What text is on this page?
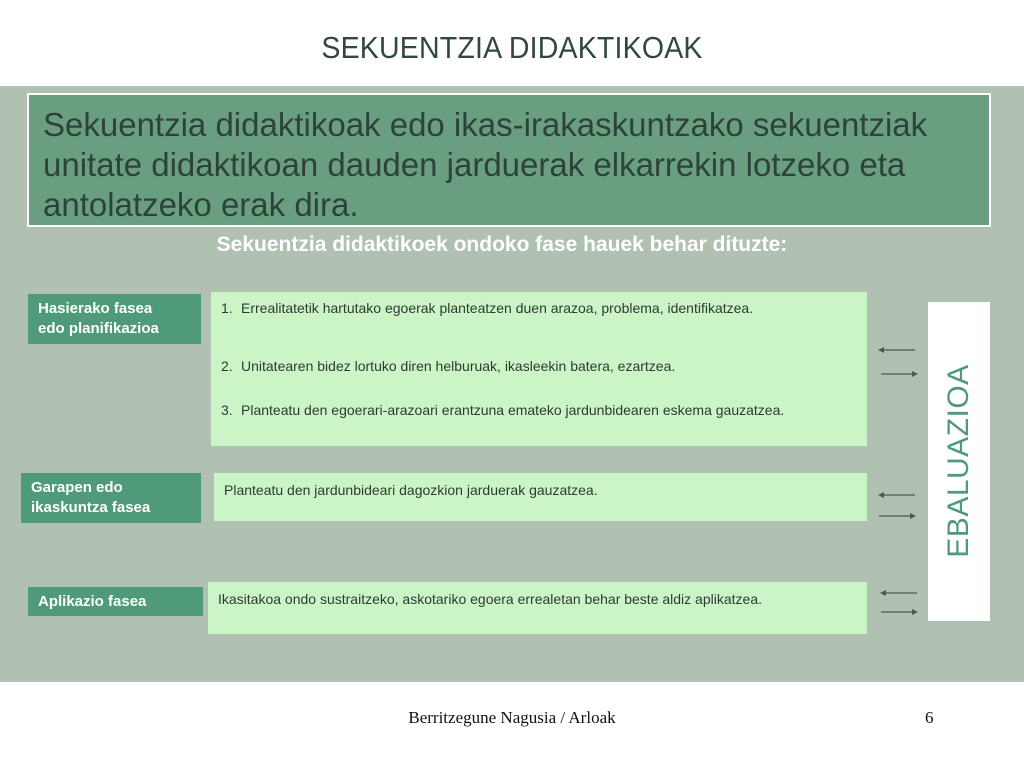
SEKUENTZIA DIDAKTIKOAK
Sekuentzia didaktikoak edo ikas-irakaskuntzako sekuentziak unitate didaktikoan dauden jarduerak elkarrekin lotzeko eta antolatzeko erak dira.
Sekuentzia didaktikoek ondoko fase hauek behar dituzte:
Hasierako fasea
edo planifikazioa
1. Errealitatetik hartutako egoerak planteatzen duen arazoa, problema, identifikatzea.
2. Unitatearen bidez lortuko diren helburuak, ikasleekin batera, ezartzea.
3. Planteatu den egoerari-arazoari erantzuna emateko jardunbidearen eskema gauzatzea.
Garapen edo
ikaskuntza fasea
Planteatu den jardunbideari dagozkion jarduerak gauzatzea.
Aplikazio fasea	Ikasitakoa ondo sustraitzeko, askotariko egoera errealetan behar beste aldiz aplikatzea.
EBALUAZIOA
Berritzegune Nagusia / Arloak	6
